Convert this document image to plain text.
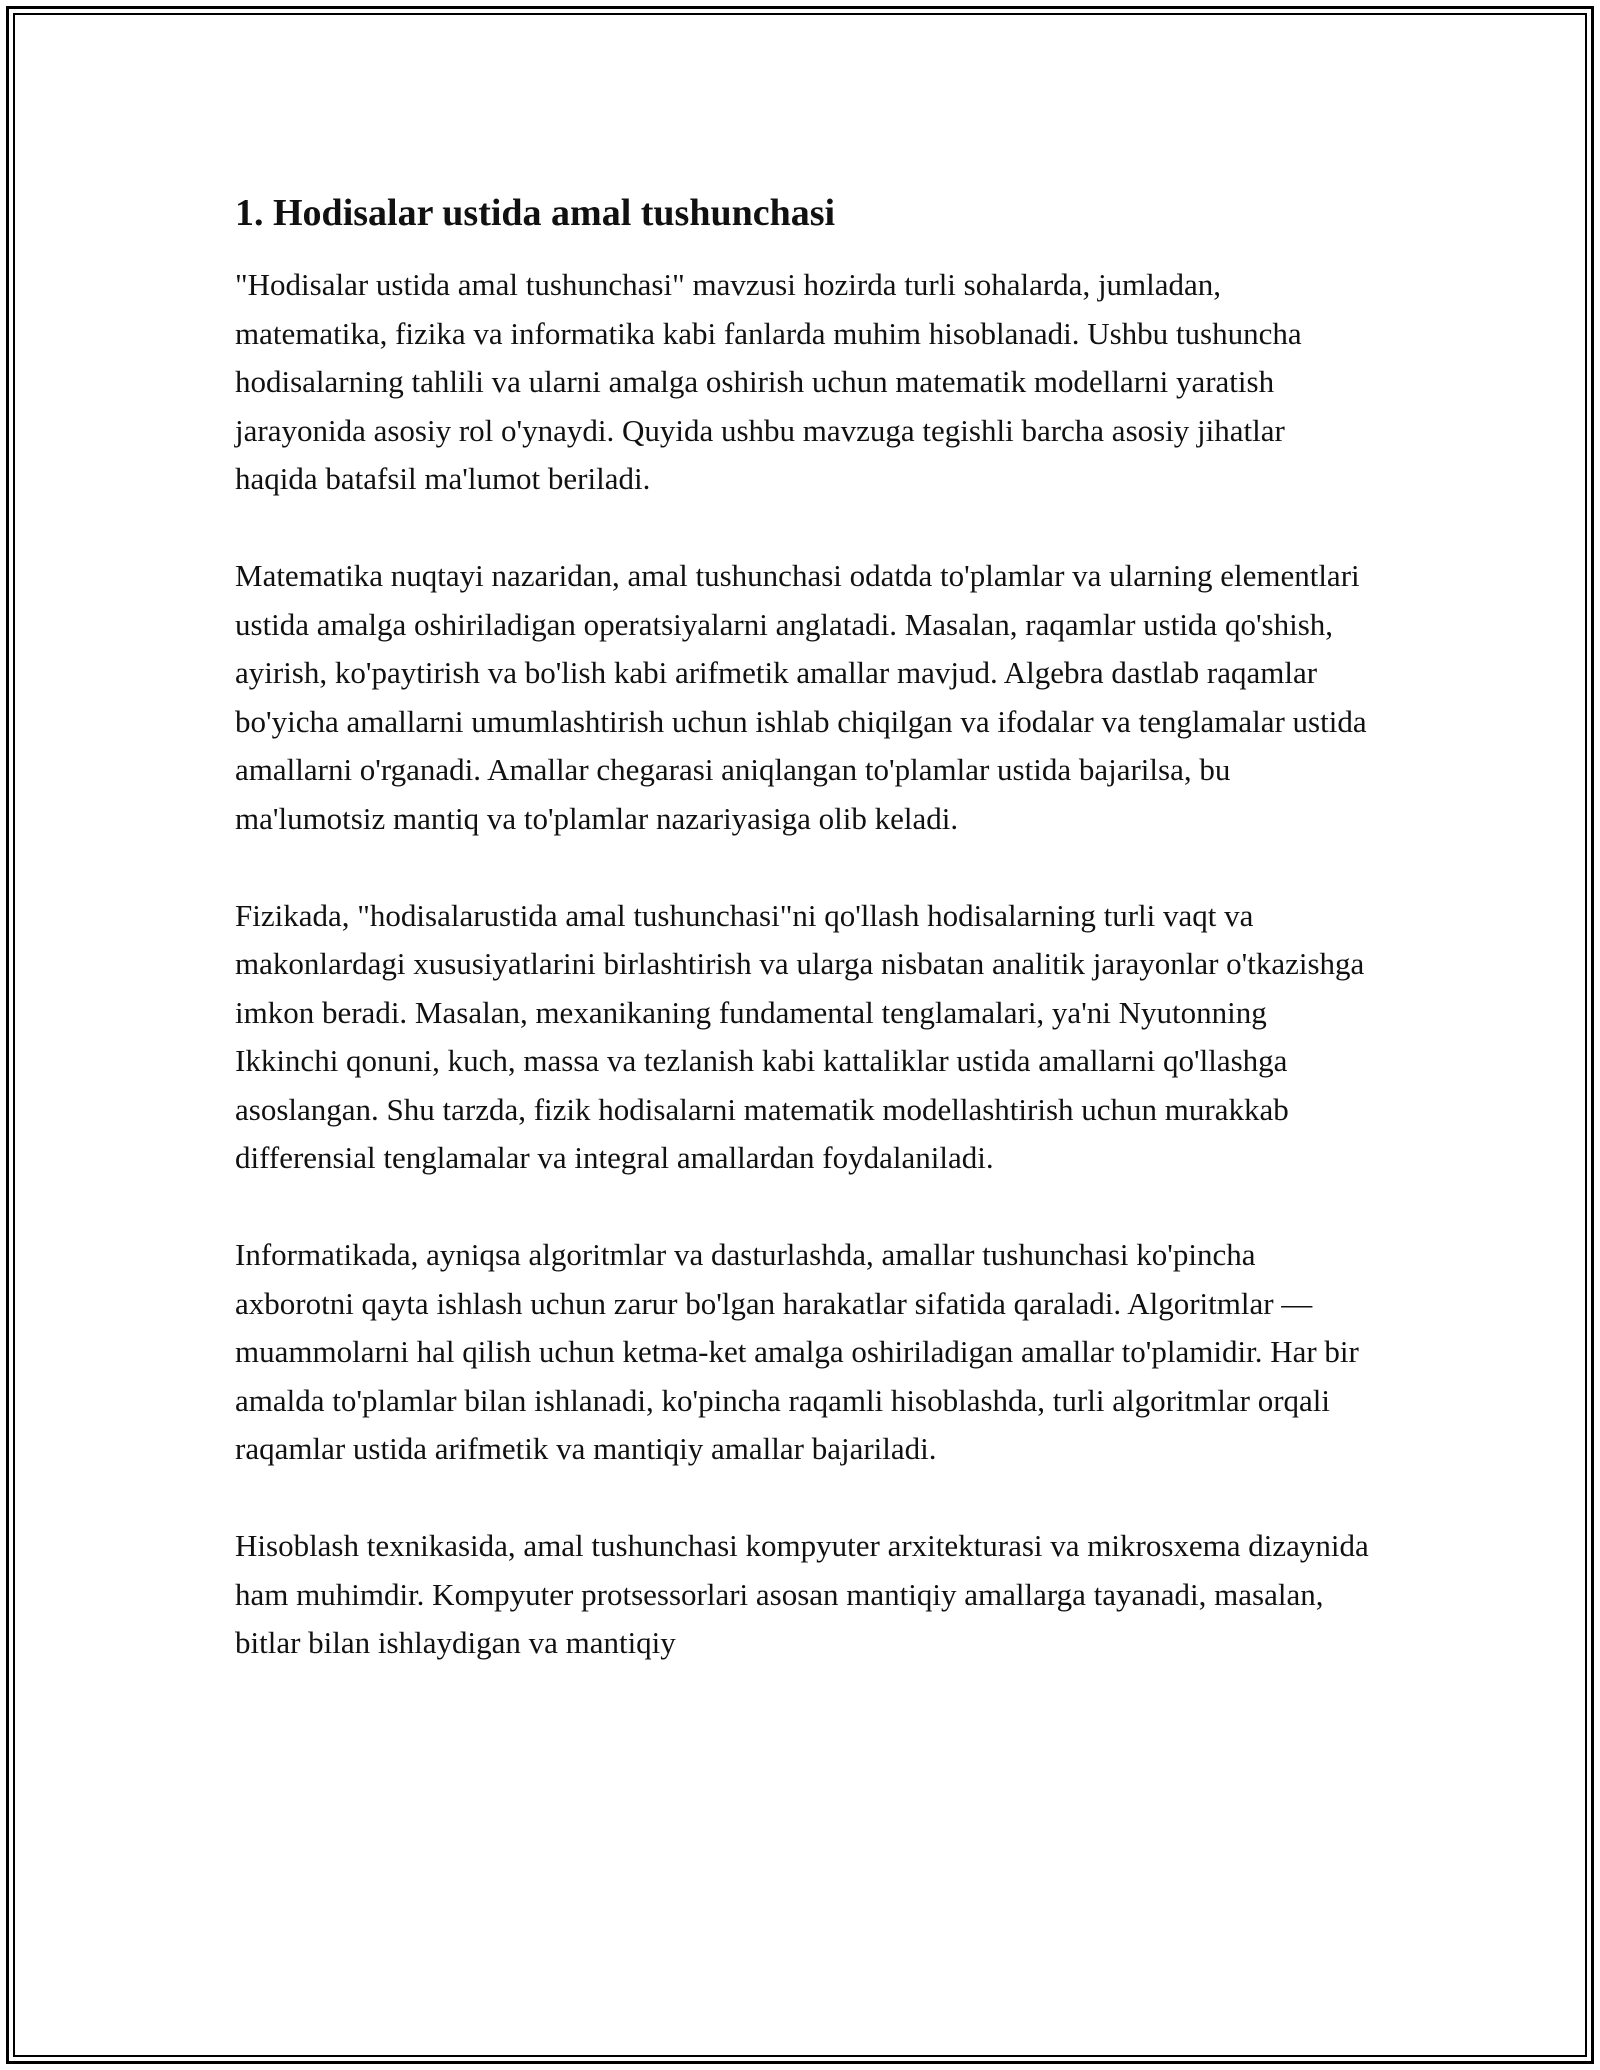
1. Hodisalar ustida amal tushunchasi

"Hodisalar ustida amal tushunchasi" mavzusi hozirda turli sohalarda, jumladan, matematika, fizika va informatika kabi fanlarda muhim hisoblanadi. Ushbu tushuncha hodisalarning tahlili va ularni amalga oshirish uchun matematik modellarni yaratish jarayonida asosiy rol o'ynaydi. Quyida ushbu mavzuga tegishli barcha asosiy jihatlar haqida batafsil ma'lumot beriladi.

Matematika nuqtayi nazaridan, amal tushunchasi odatda to'plamlar va ularning elementlari ustida amalga oshiriladigan operatsiyalarni anglatadi. Masalan, raqamlar ustida qo'shish, ayirish, ko'paytirish va bo'lish kabi arifmetik amallar mavjud. Algebra dastlab raqamlar bo'yicha amallarni umumlashtirish uchun ishlab chiqilgan va ifodalar va tenglamalar ustida amallarni o'rganadi. Amallar chegarasi aniqlangan to'plamlar ustida bajarilsa, bu ma'lumotsiz mantiq va to'plamlar nazariyasiga olib keladi.

Fizikada, "hodisalarustida amal tushunchasi"ni qo'llash hodisalarning turli vaqt va makonlardagi xususiyatlarini birlashtirish va ularga nisbatan analitik jarayonlar o'tkazishga imkon beradi. Masalan, mexanikaning fundamental tenglamalari, ya'ni Nyutonning Ikkinchi qonuni, kuch, massa va tezlanish kabi kattaliklar ustida amallarni qo'llashga asoslangan. Shu tarzda, fizik hodisalarni matematik modellashtirish uchun murakkab differensial tenglamalar va integral amallardan foydalaniladi.

Informatikada, ayniqsa algoritmlar va dasturlashda, amallar tushunchasi ko'pincha axborotni qayta ishlash uchun zarur bo'lgan harakatlar sifatida qaraladi. Algoritmlar — muammolarni hal qilish uchun ketma-ket amalga oshiriladigan amallar to'plamidir. Har bir amalda to'plamlar bilan ishlanadi, ko'pincha raqamli hisoblashda, turli algoritmlar orqali raqamlar ustida arifmetik va mantiqiy amallar bajariladi.

Hisoblash texnikasida, amal tushunchasi kompyuter arxitekturasi va mikrosxema dizaynida ham muhimdir. Kompyuter protsessorlari asosan mantiqiy amallarga tayanadi, masalan, bitlar bilan ishlaydigan va mantiqiy
